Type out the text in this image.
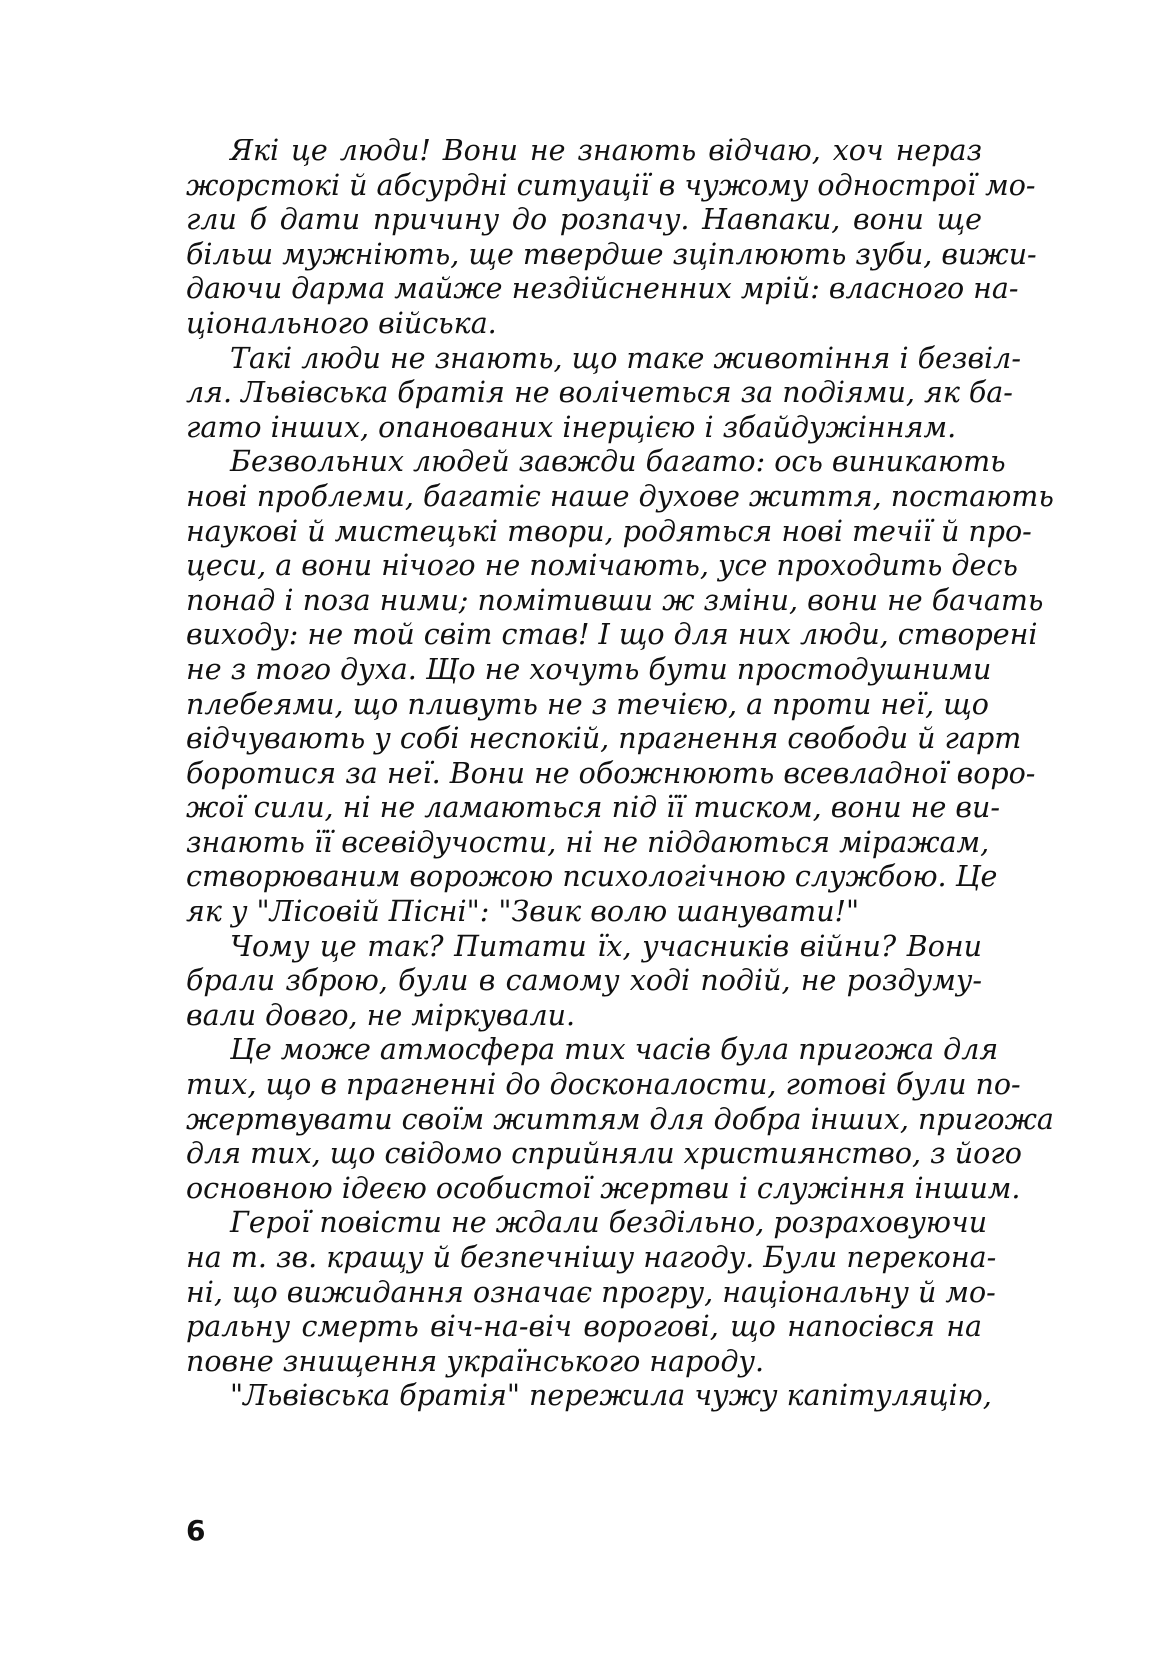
Які це люди! Вони не знають відчаю, хоч нераз
жорстокі й абсурдні ситуації в чужому однострої мо-
гли б дати причину до розпачу. Навпаки, вони ще
більш мужніють, ще твердше зціплюють зуби, вижи-
даючи дарма майже нездійсненних мрій: власного на-
ціонального війська.
Такі люди не знають, що таке животіння і безвіл-
ля. Львівська братія не волічеться за подіями, як ба-
гато інших, опанованих інерцією і збайдужінням.
Безвольних людей завжди багато: ось виникають
нові проблеми, багатіє наше духове життя, постають
наукові й мистецькі твори, родяться нові течії й про-
цеси, а вони нічого не помічають, усе проходить десь
понад і поза ними; помітивши ж зміни, вони не бачать
виходу: не той світ став! І що для них люди, створені
не з того духа. Що не хочуть бути простодушними
плебеями, що пливуть не з течією, а проти неї, що
відчувають у собі неспокій, прагнення свободи й гарт
боротися за неї. Вони не обожнюють всевладної воро-
жої сили, ні не ламаються під її тиском, вони не ви-
знають її всевідучости, ні не піддаються міражам,
створюваним ворожою психологічною службою. Це
як у "Лісовій Пісні": "Звик волю шанувати!"
Чому це так? Питати їх, учасників війни? Вони
брали зброю, були в самому ході подій, не роздуму-
вали довго, не міркували.
Це може атмосфера тих часів була пригожа для
тих, що в прагненні до досконалости, готові були по-
жертвувати своїм життям для добра інших, пригожа
для тих, що свідомо сприйняли християнство, з його
основною ідеєю особистої жертви і служіння іншим.
Герої повісти не ждали бездільно, розраховуючи
на т. зв. кращу й безпечнішу нагоду. Були переконa-
ні, що вижидання означає прогру, національну й мо-
ральну смерть віч-на-віч ворогові, що напосівся на
повне знищення українського народу.
"Львівська братія" пережила чужу капітуляцію,
6
